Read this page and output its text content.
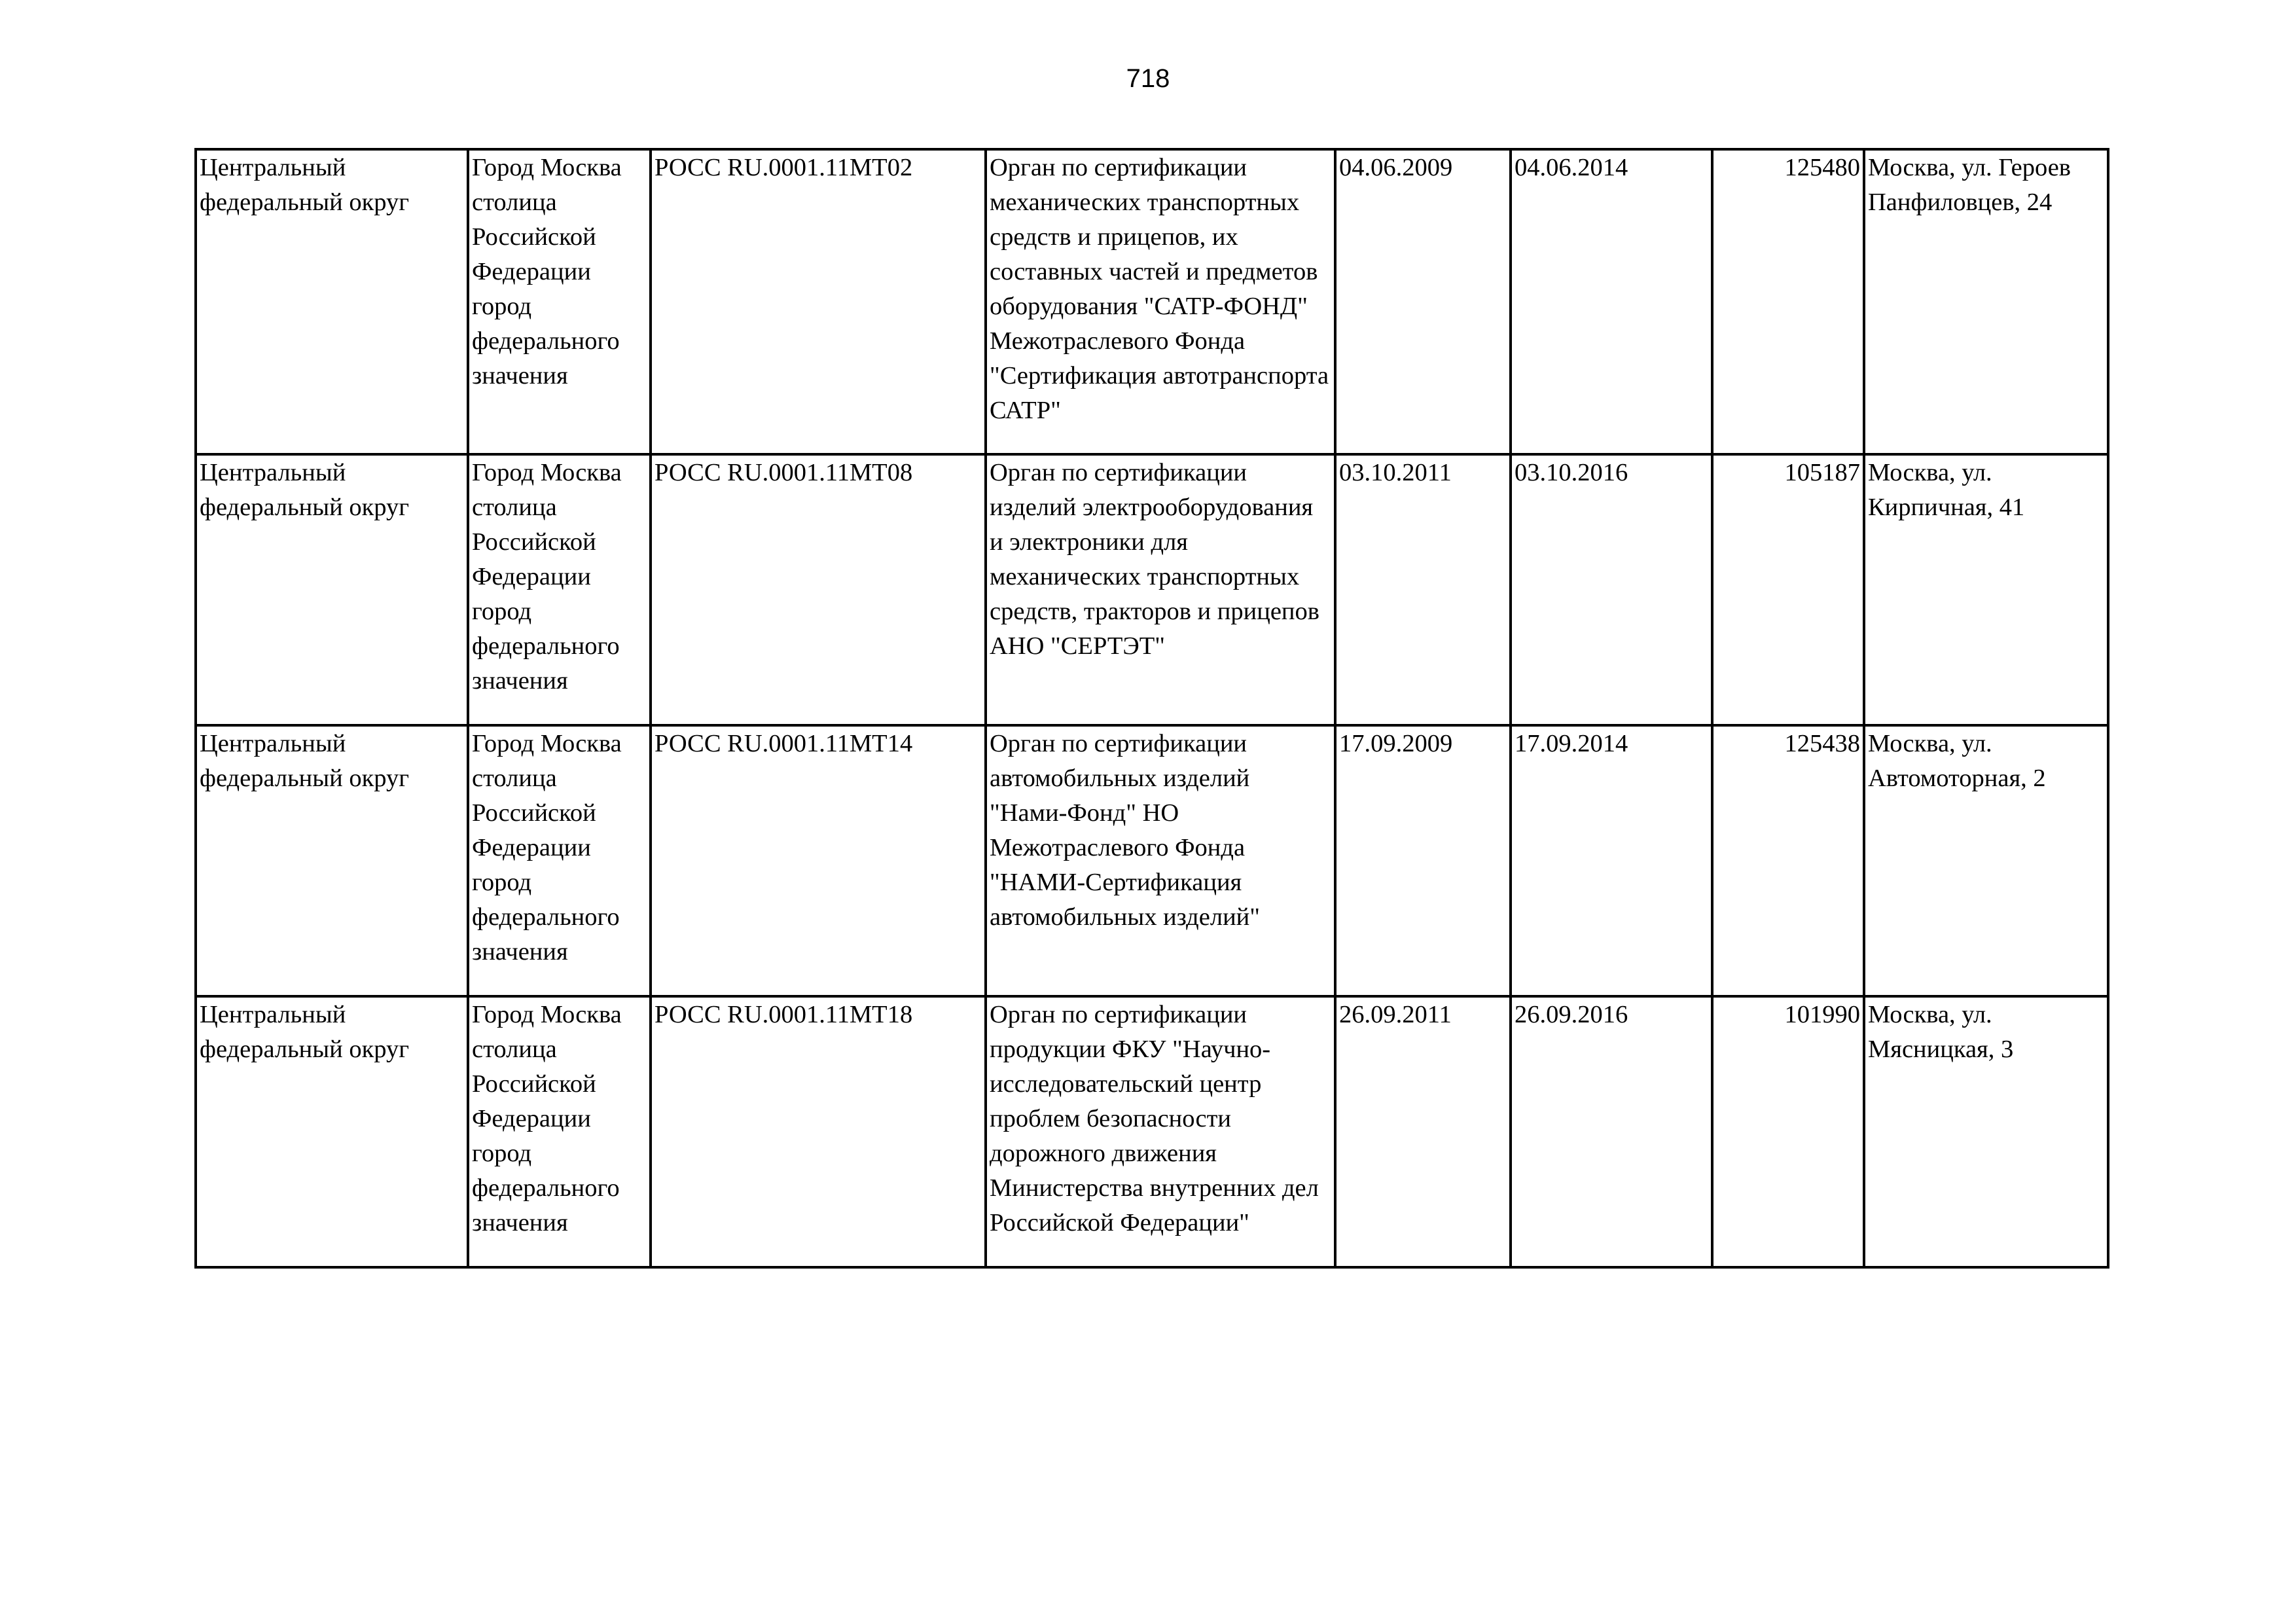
718
Центральный федеральный округ	Город Москва столица Российской Федерации город федерального значения	РОСС RU.0001.11МТ02	Орган по сертификации механических транспортных средств и прицепов, их составных частей и предметов оборудования "САТР-ФОНД" Межотраслевого Фонда "Сертификация автотранспорта САТР"	04.06.2009	04.06.2014	125480	Москва, ул. Героев Панфиловцев, 24

Центральный федеральный округ	Город Москва столица Российской Федерации город федерального значения	РОСС RU.0001.11МТ08	Орган по сертификации изделий электрооборудования и электроники для механических транспортных средств, тракторов и прицепов АНО "СЕРТЭТ"	03.10.2011	03.10.2016	105187	Москва, ул. Кирпичная, 41

Центральный федеральный округ	Город Москва столица Российской Федерации город федерального значения	РОСС RU.0001.11МТ14	Орган по сертификации автомобильных изделий "Нами-Фонд" НО Межотраслевого Фонда "НАМИ-Сертификация автомобильных изделий"	17.09.2009	17.09.2014	125438	Москва, ул. Автомоторная, 2

Центральный федеральный округ	Город Москва столица Российской Федерации город федерального значения	РОСС RU.0001.11МТ18	Орган по сертификации продукции ФКУ "Научно-исследовательский центр проблем безопасности дорожного движения Министерства внутренних дел Российской Федерации"	26.09.2011	26.09.2016	101990	Москва, ул. Мясницкая, 3
